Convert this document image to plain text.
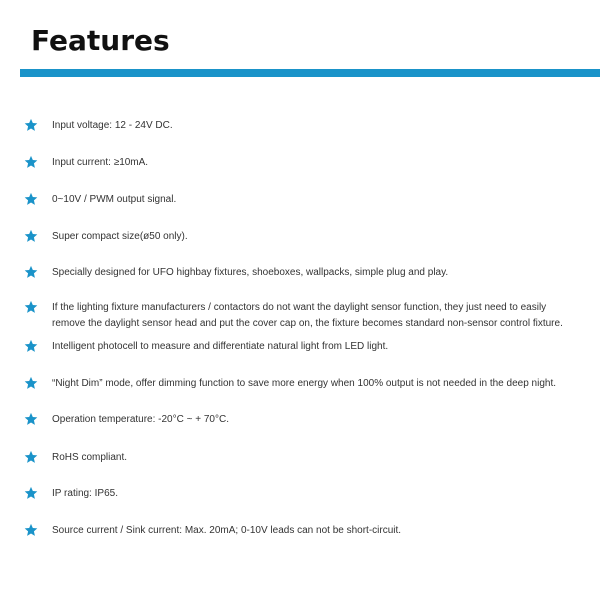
Features
Input voltage: 12 - 24V DC.
Input current: ≥10mA.
0~10V / PWM output signal.
Super compact size(ø50 only).
Specially designed for UFO highbay fixtures, shoeboxes, wallpacks, simple plug and play.
If the lighting fixture manufacturers / contactors do not want the daylight sensor function, they just need to easily
remove the daylight sensor head and put the cover cap on, the fixture becomes standard non-sensor control fixture.
Intelligent photocell to measure and differentiate natural light from LED light.
“Night Dim” mode, offer dimming function to save more energy when 100% output is not needed in the deep night.
Operation temperature: -20°C ~ + 70°C.
RoHS compliant.
IP rating: IP65.
Source current / Sink current: Max. 20mA; 0-10V leads can not be short-circuit.
